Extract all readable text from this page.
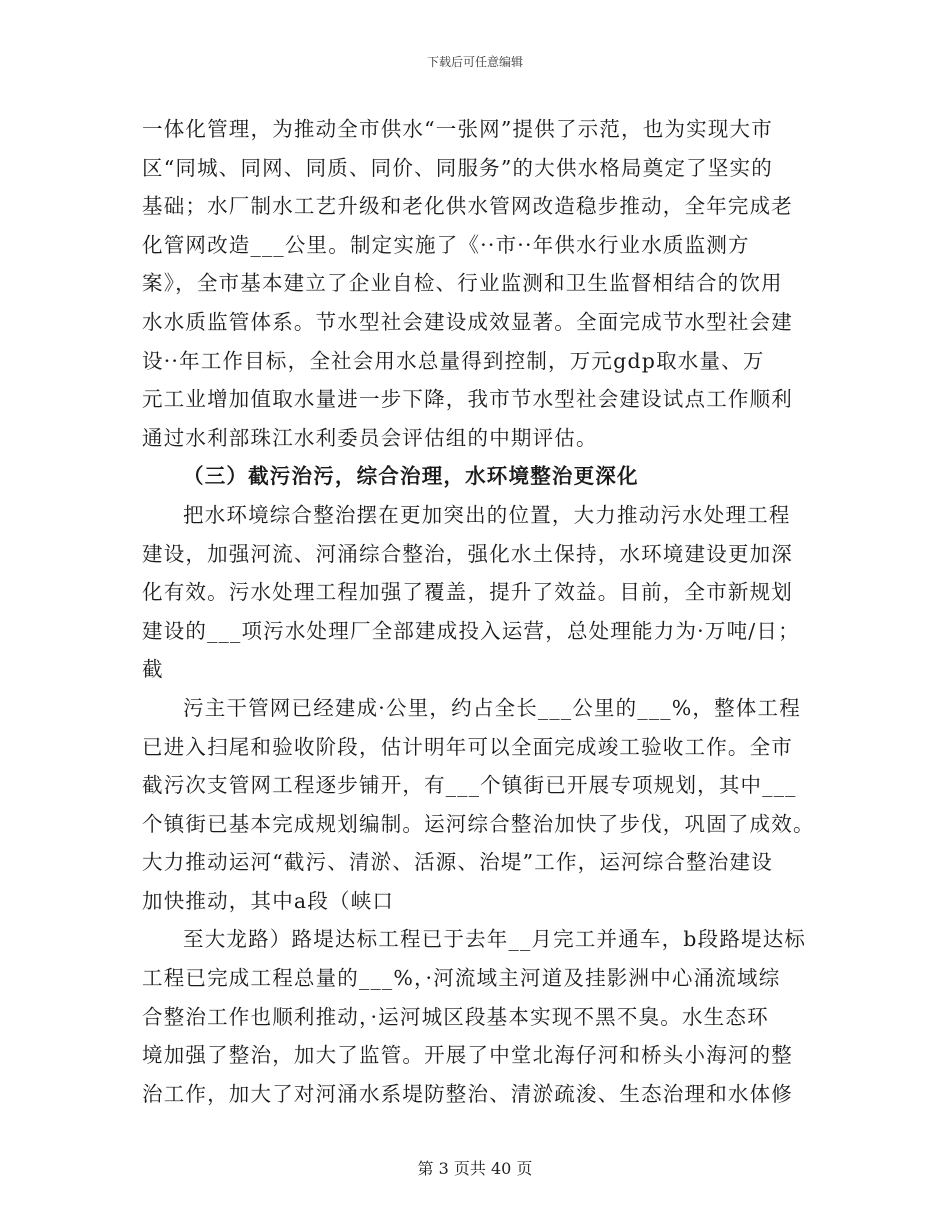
下载后可任意编辑
一体化管理，为推动全市供水“一张网”提供了示范，也为实现大市
区“同城、同网、同质、同价、同服务”的大供水格局奠定了坚实的
基础；水厂制水工艺升级和老化供水管网改造稳步推动，全年完成老
化管网改造___公里。制定实施了《··市··年供水行业水质监测方
案》，全市基本建立了企业自检、行业监测和卫生监督相结合的饮用
水水质监管体系。节水型社会建设成效显著。全面完成节水型社会建
设··年工作目标，全社会用水总量得到控制，万元gdp取水量、万
元工业增加值取水量进一步下降，我市节水型社会建设试点工作顺利
通过水利部珠江水利委员会评估组的中期评估。
（三）截污治污，综合治理，水环境整治更深化
把水环境综合整治摆在更加突出的位置，大力推动污水处理工程
建设，加强河流、河涌综合整治，强化水土保持，水环境建设更加深
化有效。污水处理工程加强了覆盖，提升了效益。目前，全市新规划
建设的___项污水处理厂全部建成投入运营，总处理能力为·万吨/日；
截
污主干管网已经建成·公里，约占全长___公里的___%，整体工程
已进入扫尾和验收阶段，估计明年可以全面完成竣工验收工作。全市
截污次支管网工程逐步铺开，有___个镇街已开展专项规划，其中___
个镇街已基本完成规划编制。运河综合整治加快了步伐，巩固了成效。
大力推动运河“截污、清淤、活源、治堤”工作，运河综合整治建设
加快推动，其中a段（峡口
至大龙路）路堤达标工程已于去年__月完工并通车，b段路堤达标
工程已完成工程总量的___%，·河流域主河道及挂影洲中心涌流域综
合整治工作也顺利推动，·运河城区段基本实现不黑不臭。水生态环
境加强了整治，加大了监管。开展了中堂北海仔河和桥头小海河的整
治工作，加大了对河涌水系堤防整治、清淤疏浚、生态治理和水体修
第 3 页共 40 页
